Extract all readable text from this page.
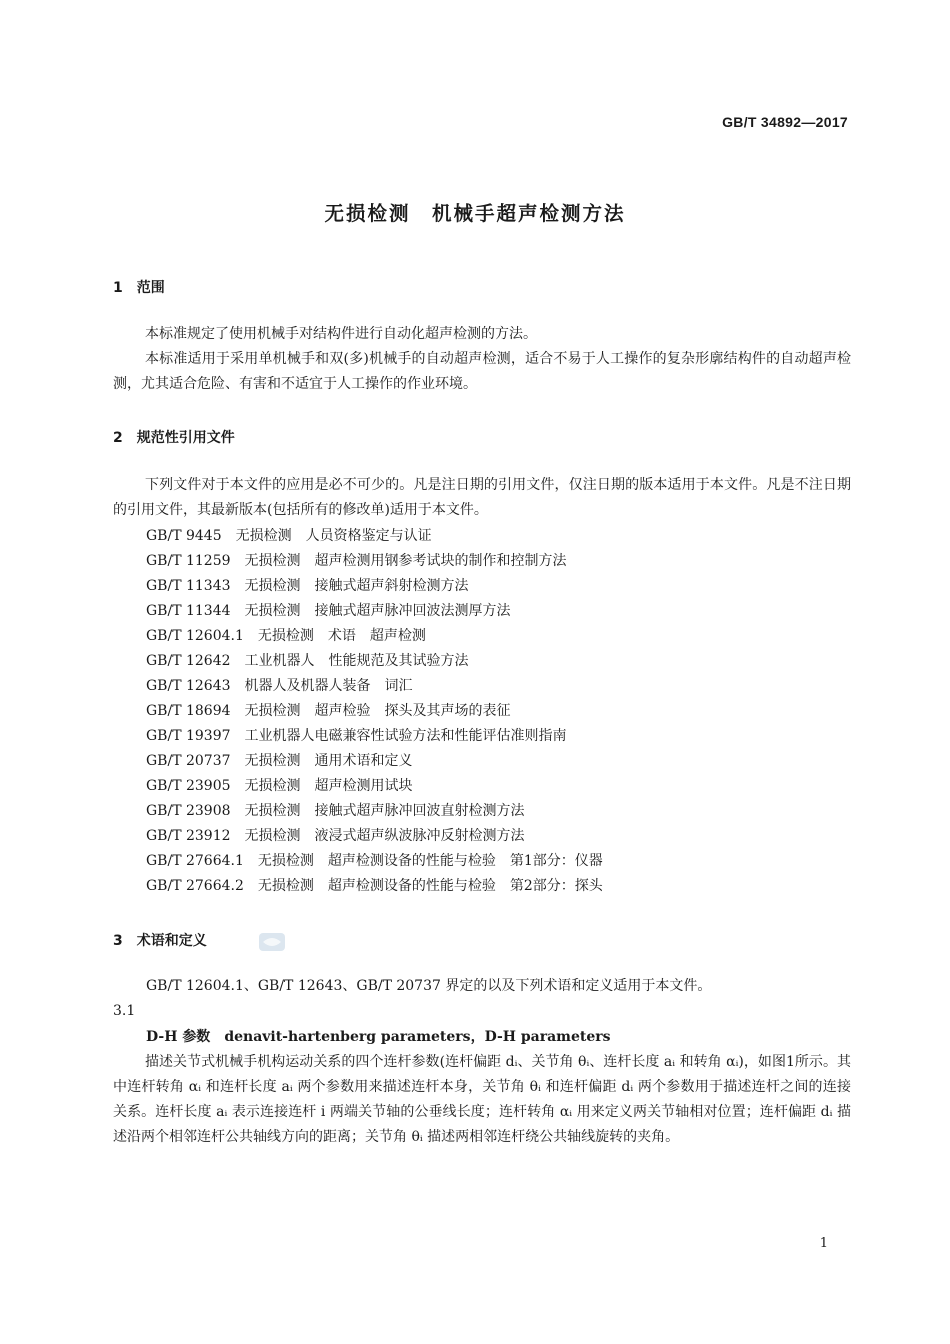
GB/T 34892—2017
无损检测　机械手超声检测方法
1　范围

本标准规定了使用机械手对结构件进行自动化超声检测的方法。

本标准适用于采用单机械手和双(多)机械手的自动超声检测，适合不易于人工操作的复杂形廓结构件的自动超声检测，尤其适合危险、有害和不适宜于人工操作的作业环境。

2　规范性引用文件

下列文件对于本文件的应用是必不可少的。凡是注日期的引用文件，仅注日期的版本适用于本文件。凡是不注日期的引用文件，其最新版本(包括所有的修改单)适用于本文件。

GB/T 9445　无损检测　人员资格鉴定与认证
GB/T 11259　无损检测　超声检测用钢参考试块的制作和控制方法
GB/T 11343　无损检测　接触式超声斜射检测方法
GB/T 11344　无损检测　接触式超声脉冲回波法测厚方法
GB/T 12604.1　无损检测　术语　超声检测
GB/T 12642　工业机器人　性能规范及其试验方法
GB/T 12643　机器人及机器人装备　词汇
GB/T 18694　无损检测　超声检验　探头及其声场的表征
GB/T 19397　工业机器人电磁兼容性试验方法和性能评估准则指南
GB/T 20737　无损检测　通用术语和定义
GB/T 23905　无损检测　超声检测用试块
GB/T 23908　无损检测　接触式超声脉冲回波直射检测方法
GB/T 23912　无损检测　液浸式超声纵波脉冲反射检测方法
GB/T 27664.1　无损检测　超声检测设备的性能与检验　第1部分：仪器
GB/T 27664.2　无损检测　超声检测设备的性能与检验　第2部分：探头
3　术语和定义
GB/T 12604.1、GB/T 12643、GB/T 20737 界定的以及下列术语和定义适用于本文件。
3.1
D-H 参数　 denavit-hartenberg parameters，D-H parameters

描述关节式机械手机构运动关系的四个连杆参数(连杆偏距 dᵢ、关节角 θᵢ、连杆长度 aᵢ 和转角 αᵢ)，如图1所示。其中连杆转角 αᵢ 和连杆长度 aᵢ 两个参数用来描述连杆本身，关节角 θᵢ 和连杆偏距 dᵢ 两个参数用于描述连杆之间的连接关系。连杆长度 aᵢ 表示连接连杆 i 两端关节轴的公垂线长度；连杆转角 αᵢ 用来定义两关节轴相对位置；连杆偏距 dᵢ 描述沿两个相邻连杆公共轴线方向的距离；关节角 θᵢ 描述两相邻连杆绕公共轴线旋转的夹角。

1
